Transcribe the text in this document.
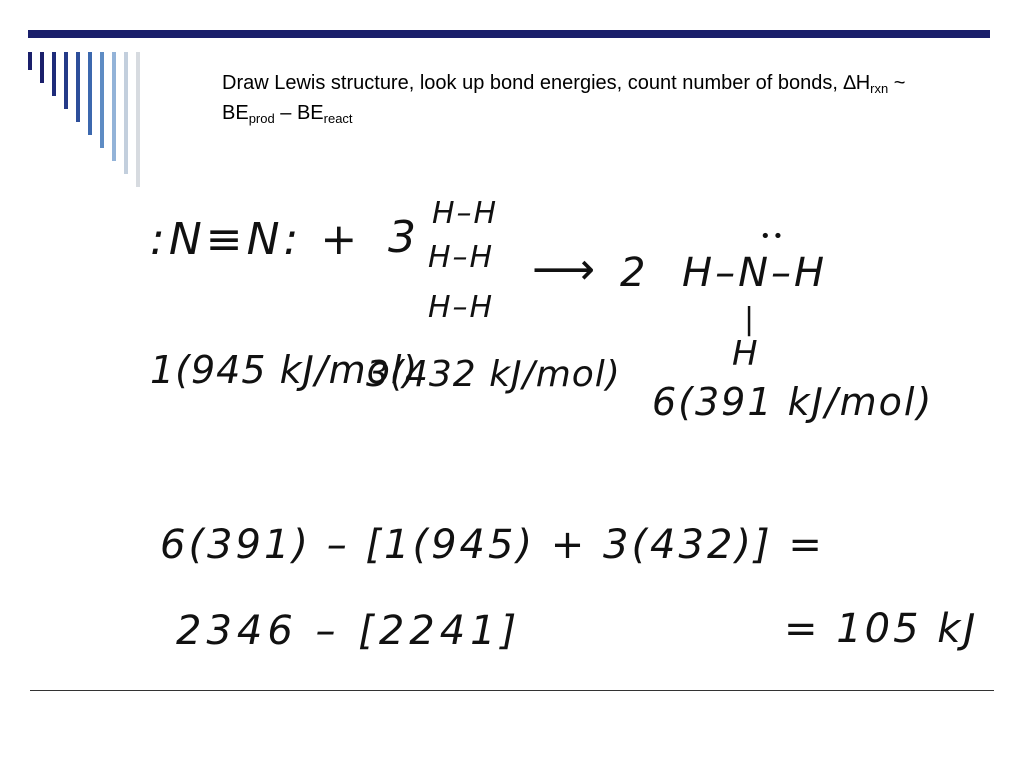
Draw Lewis structure, look up bond energies, count number of bonds, $\Delta H_{rxn}$ ~ $BE_{prod} - BE_{react}$
:N≡N: + 3 H–H
H–H
H–H
⟶ 2
••
H–N–H
|
H
1(945 kJ/mol)
3(432 kJ/mol)
6(391 kJ/mol)
6(391) – [1(945) + 3(432)] =
2346 – [2241]	= 105 kJ
